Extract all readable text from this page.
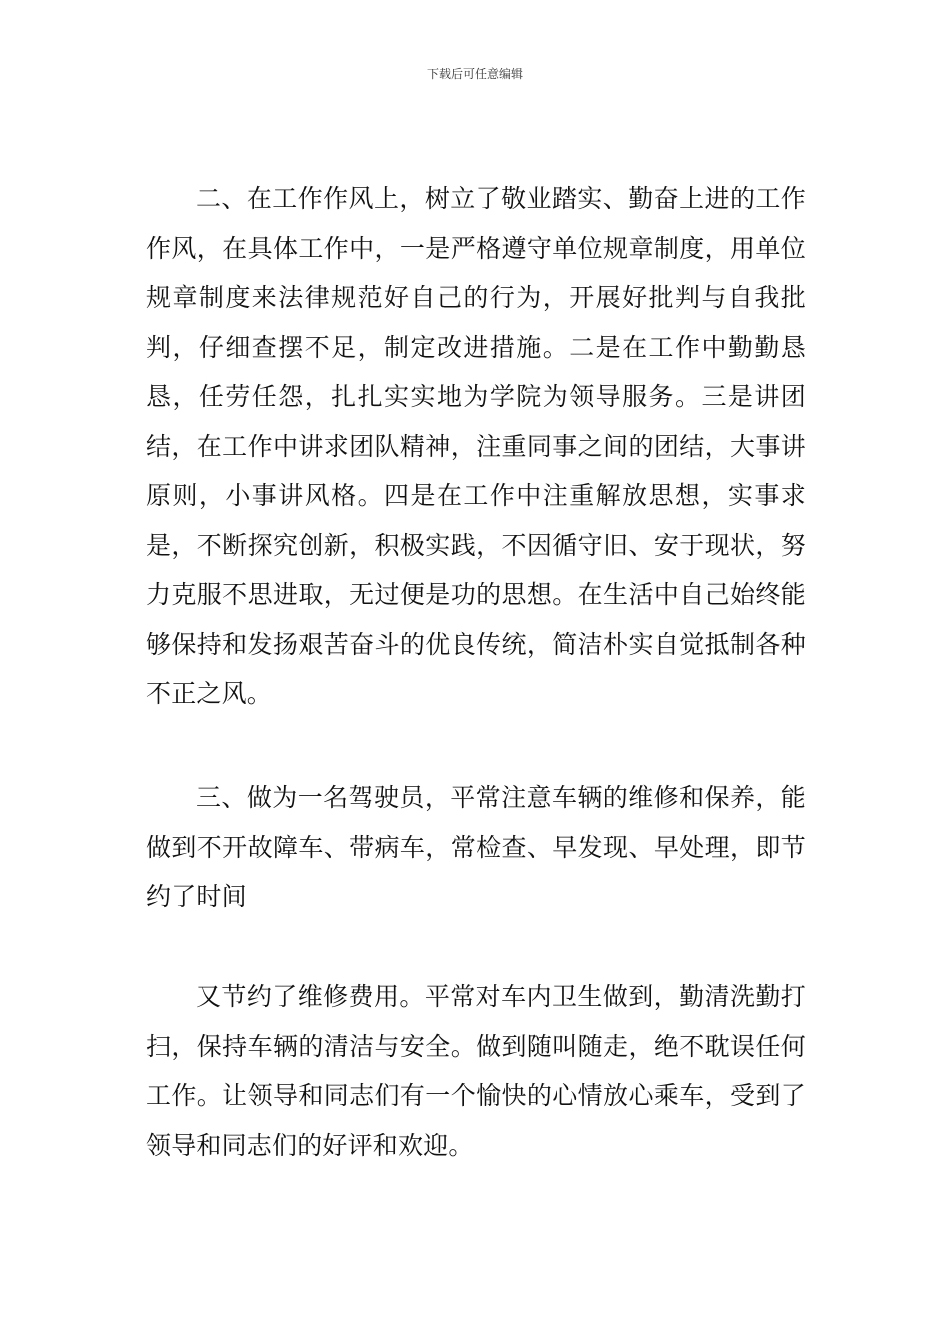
下载后可任意编辑

二、在工作作风上，树立了敬业踏实、勤奋上进的工作作风，在具体工作中，一是严格遵守单位规章制度，用单位规章制度来法律规范好自己的行为，开展好批判与自我批判，仔细查摆不足，制定改进措施。二是在工作中勤勤恳恳，任劳任怨，扎扎实实地为学院为领导服务。三是讲团结，在工作中讲求团队精神，注重同事之间的团结，大事讲原则，小事讲风格。四是在工作中注重解放思想，实事求是，不断探究创新，积极实践，不因循守旧、安于现状，努力克服不思进取，无过便是功的思想。在生活中自己始终能够保持和发扬艰苦奋斗的优良传统，简洁朴实自觉抵制各种不正之风。

三、做为一名驾驶员，平常注意车辆的维修和保养，能做到不开故障车、带病车，常检查、早发现、早处理，即节约了时间

又节约了维修费用。平常对车内卫生做到，勤清洗勤打扫，保持车辆的清洁与安全。做到随叫随走，绝不耽误任何工作。让领导和同志们有一个愉快的心情放心乘车，受到了领导和同志们的好评和欢迎。
